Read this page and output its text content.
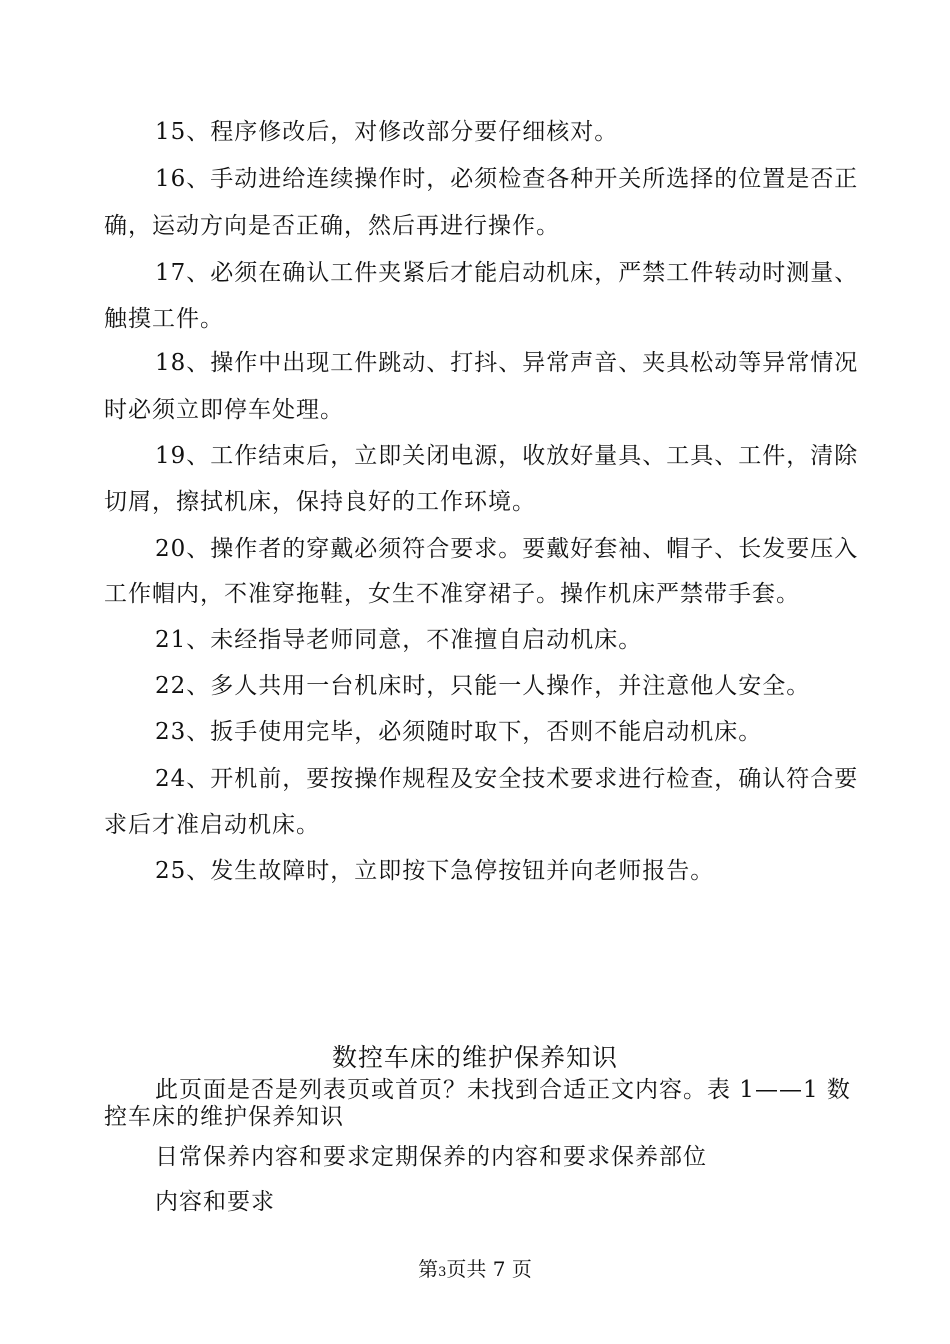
15、程序修改后，对修改部分要仔细核对。
16、手动进给连续操作时，必须检查各种开关所选择的位置是否正
确，运动方向是否正确，然后再进行操作。
17、必须在确认工件夹紧后才能启动机床，严禁工件转动时测量、
触摸工件。
18、操作中出现工件跳动、打抖、异常声音、夹具松动等异常情况
时必须立即停车处理。
19、工作结束后，立即关闭电源，收放好量具、工具、工件，清除
切屑，擦拭机床，保持良好的工作环境。
20、操作者的穿戴必须符合要求。要戴好套袖、帽子、长发要压入
工作帽内，不准穿拖鞋，女生不准穿裙子。操作机床严禁带手套。
21、未经指导老师同意，不准擅自启动机床。
22、多人共用一台机床时，只能一人操作，并注意他人安全。
23、扳手使用完毕，必须随时取下，否则不能启动机床。
24、开机前，要按操作规程及安全技术要求进行检查，确认符合要
求后才准启动机床。
25、发生故障时，立即按下急停按钮并向老师报告。
数控车床的维护保养知识
此页面是否是列表页或首页？未找到合适正文内容。表 1——1 数
控车床的维护保养知识
日常保养内容和要求定期保养的内容和要求保养部位
内容和要求
第3页共 7 页
